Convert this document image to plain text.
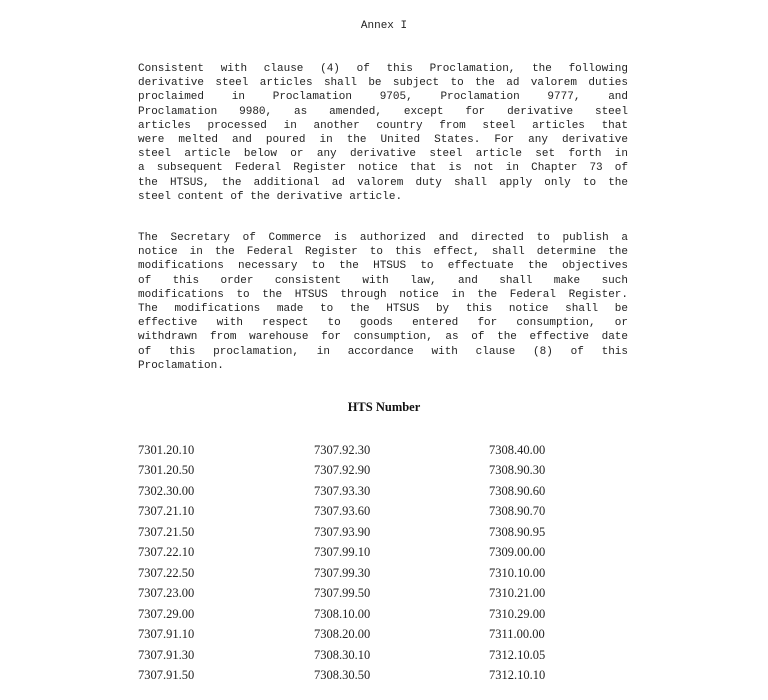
Annex I
Consistent with clause (4) of this Proclamation, the following
derivative steel articles shall be subject to the ad valorem duties
proclaimed in Proclamation 9705, Proclamation 9777, and
Proclamation 9980, as amended, except for derivative steel
articles processed in another country from steel articles that
were melted and poured in the United States. For any derivative
steel article below or any derivative steel article set forth in
a subsequent Federal Register notice that is not in Chapter 73 of
the HTSUS, the additional ad valorem duty shall apply only to the
steel content of the derivative article.
The Secretary of Commerce is authorized and directed to publish a
notice in the Federal Register to this effect, shall determine the
modifications necessary to the HTSUS to effectuate the objectives
of this order consistent with law, and shall make such
modifications to the HTSUS through notice in the Federal Register.
The modifications made to the HTSUS by this notice shall be
effective with respect to goods entered for consumption, or
withdrawn from warehouse for consumption, as of the effective date
of this proclamation, in accordance with clause (8) of this
Proclamation.
HTS Number
7301.20.10	7307.92.30	7308.40.00
7301.20.50	7307.92.90	7308.90.30
7302.30.00	7307.93.30	7308.90.60
7307.21.10	7307.93.60	7308.90.70
7307.21.50	7307.93.90	7308.90.95
7307.22.10	7307.99.10	7309.00.00
7307.22.50	7307.99.30	7310.10.00
7307.23.00	7307.99.50	7310.21.00
7307.29.00	7308.10.00	7310.29.00
7307.91.10	7308.20.00	7311.00.00
7307.91.30	7308.30.10	7312.10.05
7307.91.50	7308.30.50	7312.10.10
